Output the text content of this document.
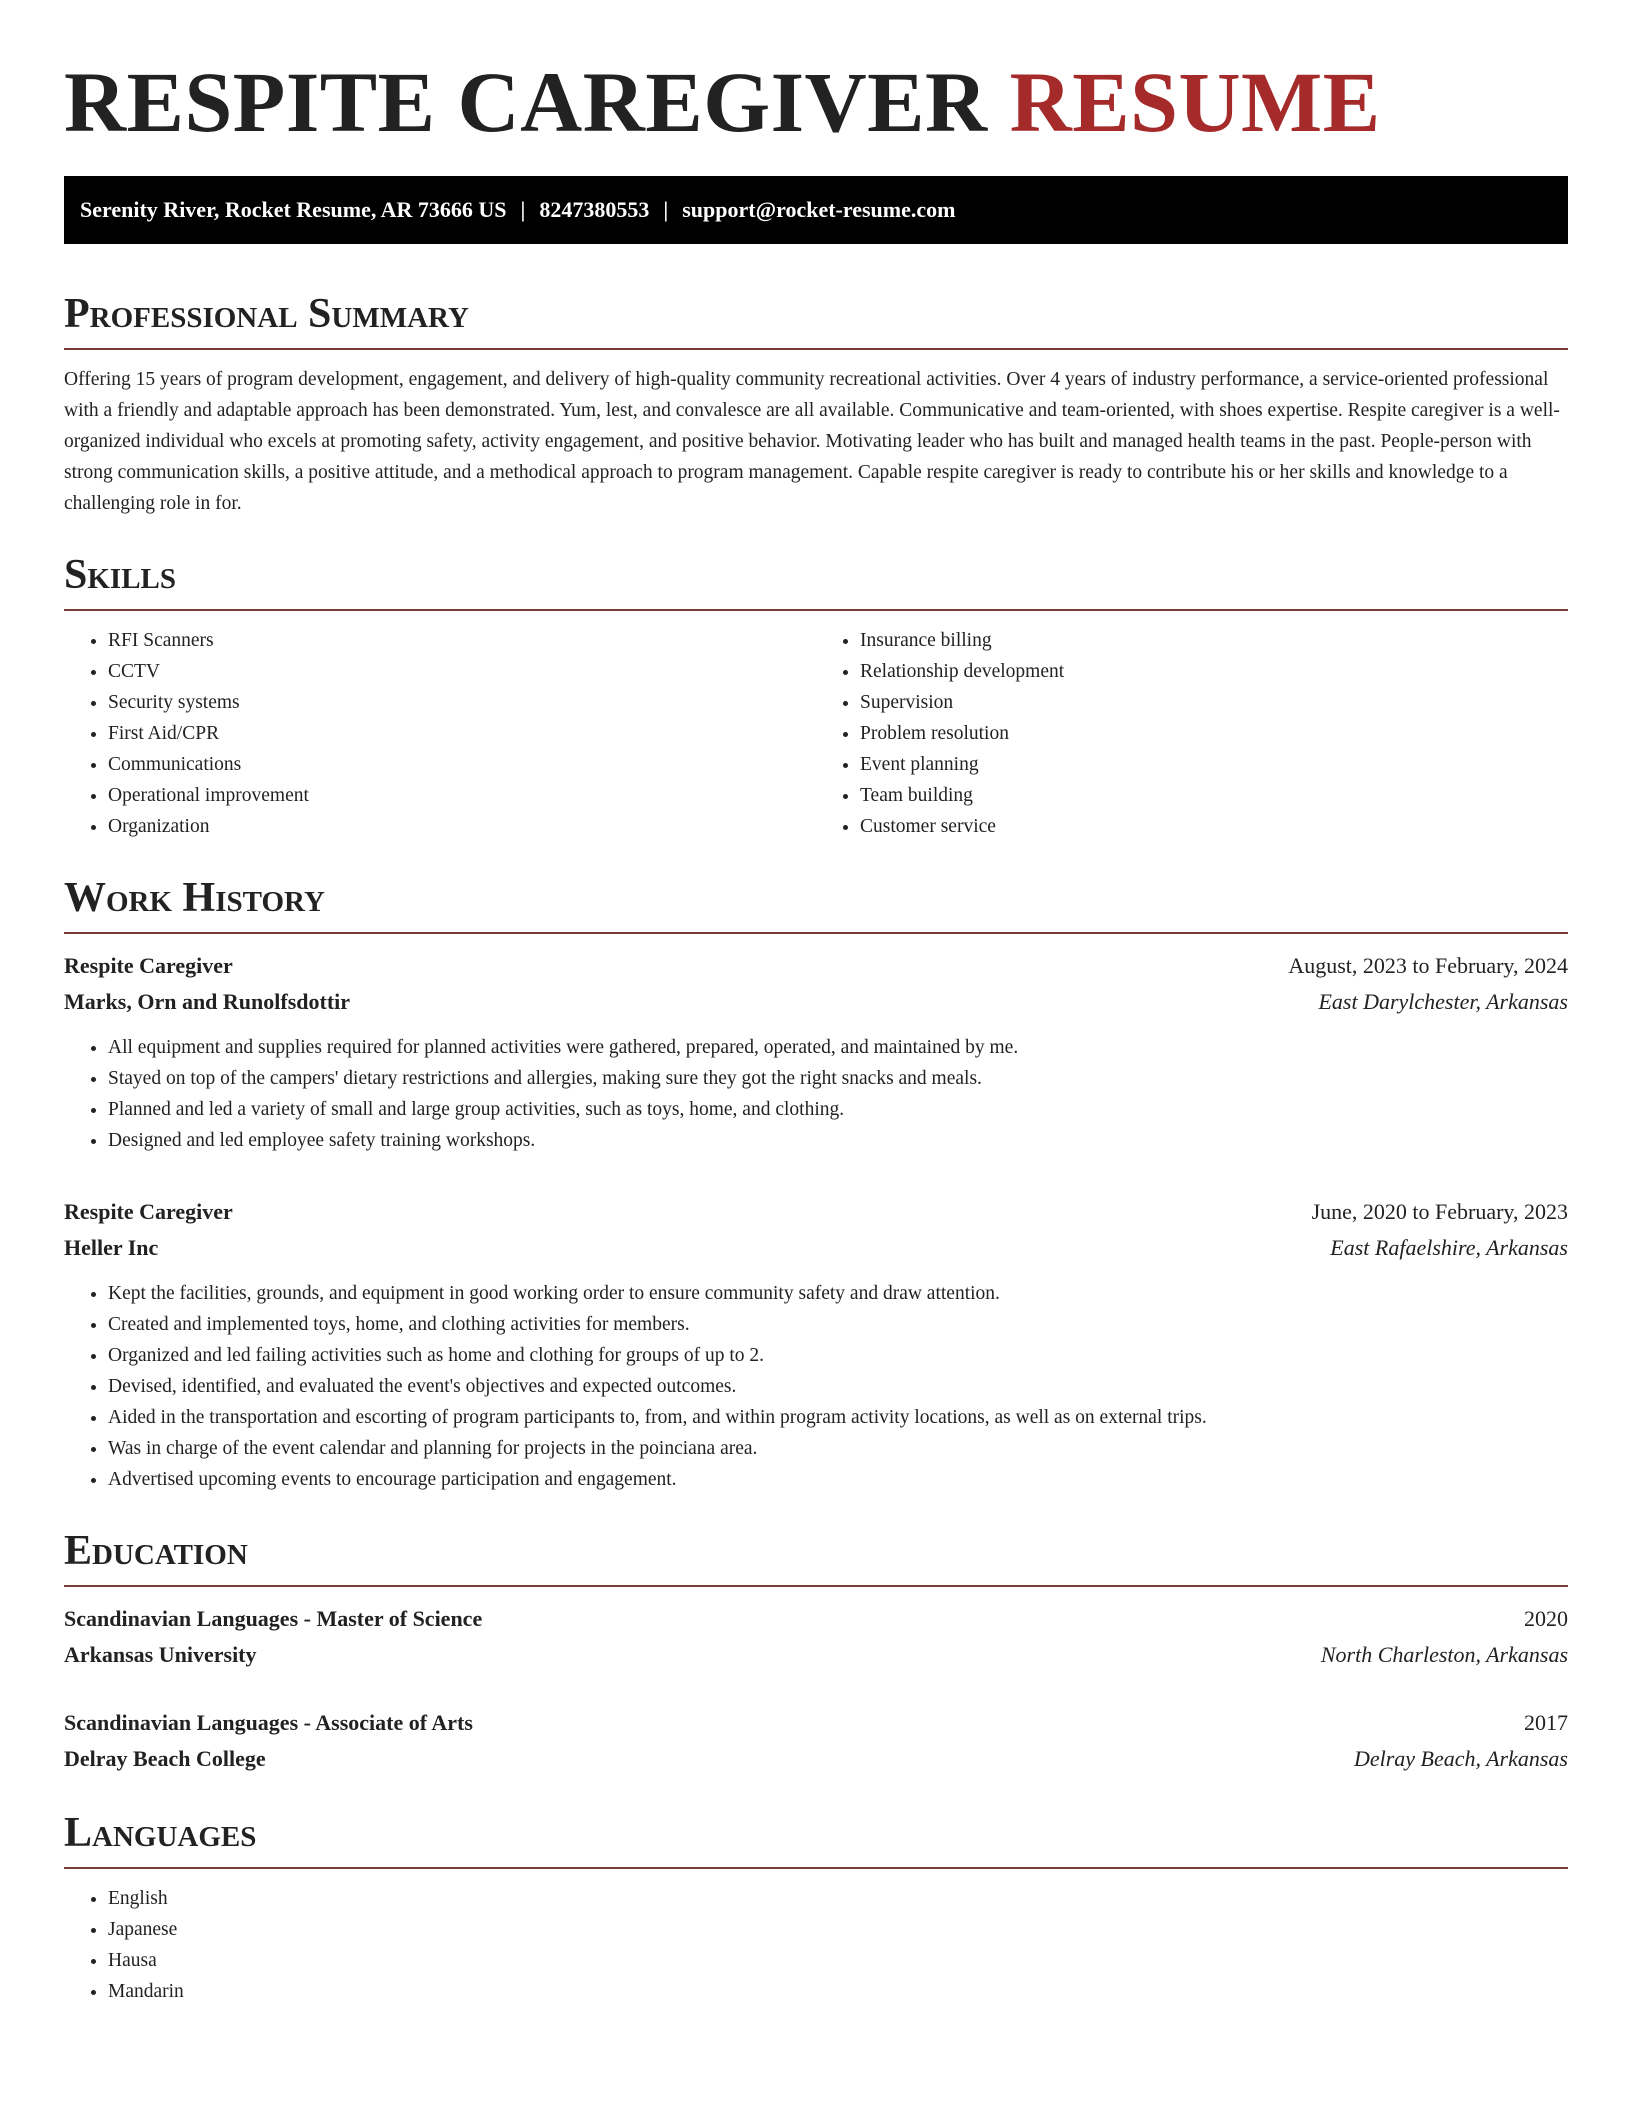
RESPITE CAREGIVER RESUME
Serenity River, Rocket Resume, AR 73666 US | 8247380553 | support@rocket-resume.com
Professional Summary

Offering 15 years of program development, engagement, and delivery of high-quality community recreational activities. Over 4 years of industry performance, a service-oriented professional with a friendly and adaptable approach has been demonstrated. Yum, lest, and convalesce are all available. Communicative and team-oriented, with shoes expertise. Respite caregiver is a well-organized individual who excels at promoting safety, activity engagement, and positive behavior. Motivating leader who has built and managed health teams in the past. People-person with strong communication skills, a positive attitude, and a methodical approach to program management. Capable respite caregiver is ready to contribute his or her skills and knowledge to a challenging role in for.

Skills
• RFI Scanners
• CCTV
• Security systems
• First Aid/CPR
• Communications
• Operational improvement
• Organization
• Insurance billing
• Relationship development
• Supervision
• Problem resolution
• Event planning
• Team building
• Customer service
Work History
Respite Caregiver	August, 2023 to February, 2024
Marks, Orn and Runolfsdottir	East Darylchester, Arkansas
• All equipment and supplies required for planned activities were gathered, prepared, operated, and maintained by me.
• Stayed on top of the campers' dietary restrictions and allergies, making sure they got the right snacks and meals.
• Planned and led a variety of small and large group activities, such as toys, home, and clothing.
• Designed and led employee safety training workshops.
Respite Caregiver	June, 2020 to February, 2023
Heller Inc	East Rafaelshire, Arkansas
• Kept the facilities, grounds, and equipment in good working order to ensure community safety and draw attention.
• Created and implemented toys, home, and clothing activities for members.
• Organized and led failing activities such as home and clothing for groups of up to 2.
• Devised, identified, and evaluated the event's objectives and expected outcomes.
• Aided in the transportation and escorting of program participants to, from, and within program activity locations, as well as on external trips.
• Was in charge of the event calendar and planning for projects in the poinciana area.
• Advertised upcoming events to encourage participation and engagement.
Education
Scandinavian Languages - Master of Science	2020
Arkansas University	North Charleston, Arkansas
Scandinavian Languages - Associate of Arts	2017
Delray Beach College	Delray Beach, Arkansas
Languages
• English
• Japanese
• Hausa
• Mandarin
